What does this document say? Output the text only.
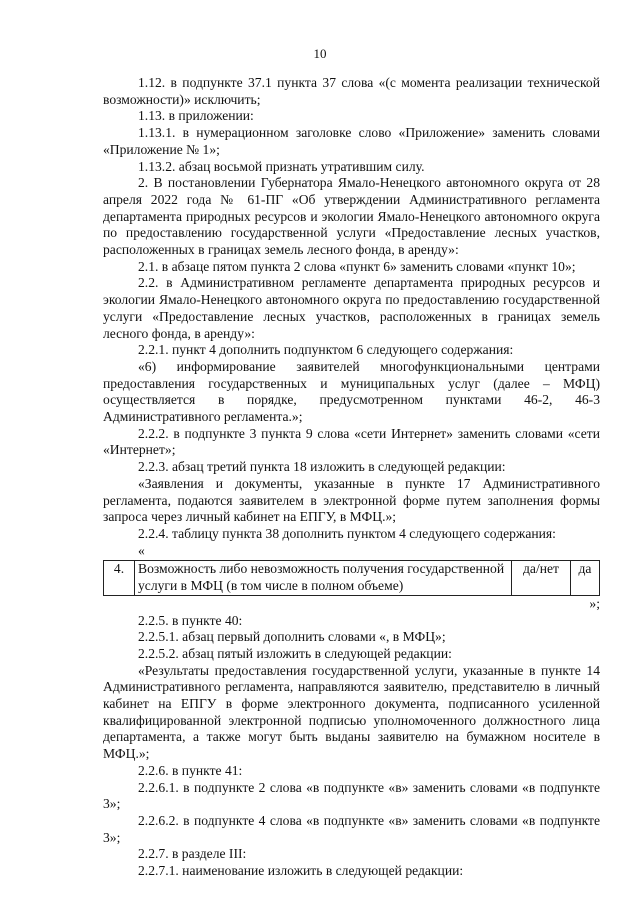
10

1.12. в подпункте 37.1 пункта 37 слова «(с момента реализации технической возможности)» исключить;

1.13. в приложении:

1.13.1. в нумерационном заголовке слово «Приложение» заменить словами «Приложение № 1»;

1.13.2. абзац восьмой признать утратившим силу.

2. В постановлении Губернатора Ямало-Ненецкого автономного округа от 28 апреля 2022 года № 61-ПГ «Об утверждении Административного регламента департамента природных ресурсов и экологии Ямало-Ненецкого автономного округа по предоставлению государственной услуги «Предоставление лесных участков, расположенных в границах земель лесного фонда, в аренду»:

2.1. в абзаце пятом пункта 2 слова «пункт 6» заменить словами «пункт 10»;

2.2. в Административном регламенте департамента природных ресурсов и экологии Ямало-Ненецкого автономного округа по предоставлению государственной услуги «Предоставление лесных участков, расположенных в границах земель лесного фонда, в аренду»:

2.2.1. пункт 4 дополнить подпунктом 6 следующего содержания:

«6) информирование заявителей многофункциональными центрами предоставления государственных и муниципальных услуг (далее – МФЦ) осуществляется в порядке, предусмотренном пунктами 46-2, 46-3 Административного регламента.»;

2.2.2. в подпункте 3 пункта 9 слова «сети Интернет» заменить словами «сети «Интернет»;

2.2.3. абзац третий пункта 18 изложить в следующей редакции:

«Заявления и документы, указанные в пункте 17 Административного регламента, подаются заявителем в электронной форме путем заполнения формы запроса через личный кабинет на ЕПГУ, в МФЦ.»;

2.2.4. таблицу пункта 38 дополнить пунктом 4 следующего содержания:

«

4.	Возможность либо невозможность получения государственной услуги в МФЦ (в том числе в полном объеме)	да/нет	да

»;

2.2.5. в пункте 40:

2.2.5.1. абзац первый дополнить словами «, в МФЦ»;

2.2.5.2. абзац пятый изложить в следующей редакции:

«Результаты предоставления государственной услуги, указанные в пункте 14 Административного регламента, направляются заявителю, представителю в личный кабинет на ЕПГУ в форме электронного документа, подписанного усиленной квалифицированной электронной подписью уполномоченного должностного лица департамента, а также могут быть выданы заявителю на бумажном носителе в МФЦ.»;

2.2.6. в пункте 41:

2.2.6.1. в подпункте 2 слова «в подпункте «в» заменить словами «в подпункте 3»;

2.2.6.2. в подпункте 4 слова «в подпункте «в» заменить словами «в подпункте 3»;

2.2.7. в разделе III:

2.2.7.1. наименование изложить в следующей редакции:
